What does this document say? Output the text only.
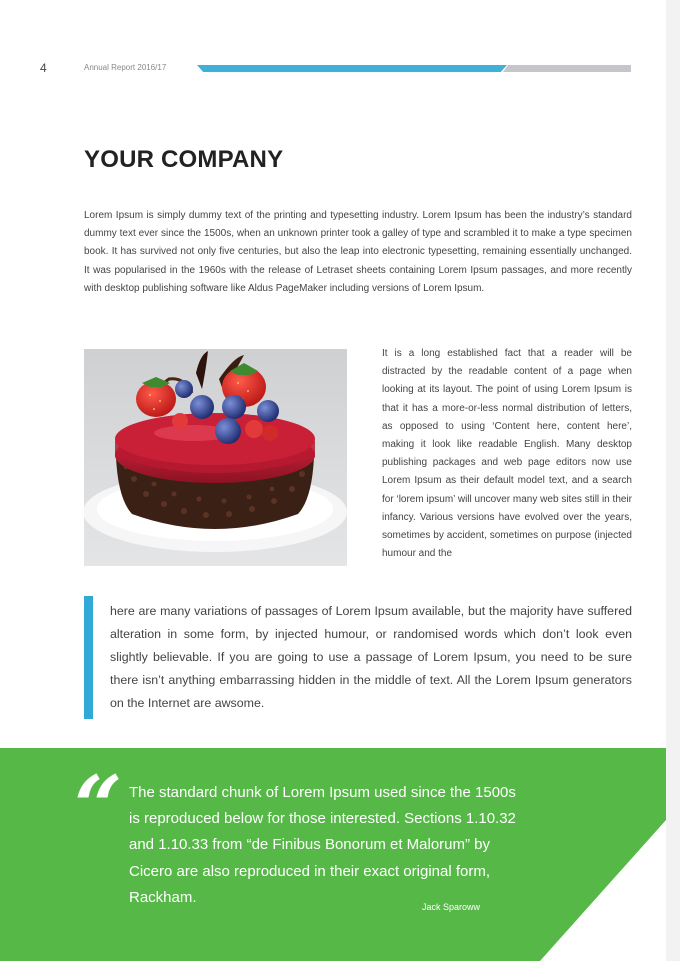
4	Annual Report 2016/17
YOUR COMPANY

Lorem Ipsum is simply dummy text of the printing and typesetting industry. Lorem Ipsum has been the industry’s standard dummy text ever since the 1500s, when an unknown printer took a galley of type and scrambled it to make a type specimen book. It has survived not only five centuries, but also the leap into electronic typesetting, remaining essentially unchanged. It was popularised in the 1960s with the release of Letraset sheets containing Lorem Ipsum passages, and more recently with desktop publishing software like Aldus PageMaker including versions of Lorem Ipsum.

It is a long established fact that a reader will be distracted by the readable content of a page when looking at its layout. The point of using Lorem Ipsum is that it has a more-or-less normal distribution of letters, as opposed to using ‘Content here, content here’, making it look like readable English. Many desktop publishing packages and web page editors now use Lorem Ipsum as their default model text, and a search for ‘lorem ipsum’ will uncover many web sites still in their infancy. Various versions have evolved over the years, sometimes by accident, sometimes on purpose (injected humour and the

here are many variations of passages of Lorem Ipsum available, but the majority have suffered alteration in some form, by injected humour, or randomised words which don’t look even slightly believable. If you are going to use a passage of Lorem Ipsum, you need to be sure there isn’t anything embarrassing hidden in the middle of text. All the Lorem Ipsum generators on the Internet are awsome.

“ The standard chunk of Lorem Ipsum used since the 1500s is reproduced below for those interested. Sections 1.10.32 and 1.10.33 from “de Finibus Bonorum et Malorum” by Cicero are also reproduced in their exact original form, Rackham.

Jack Sparoww
